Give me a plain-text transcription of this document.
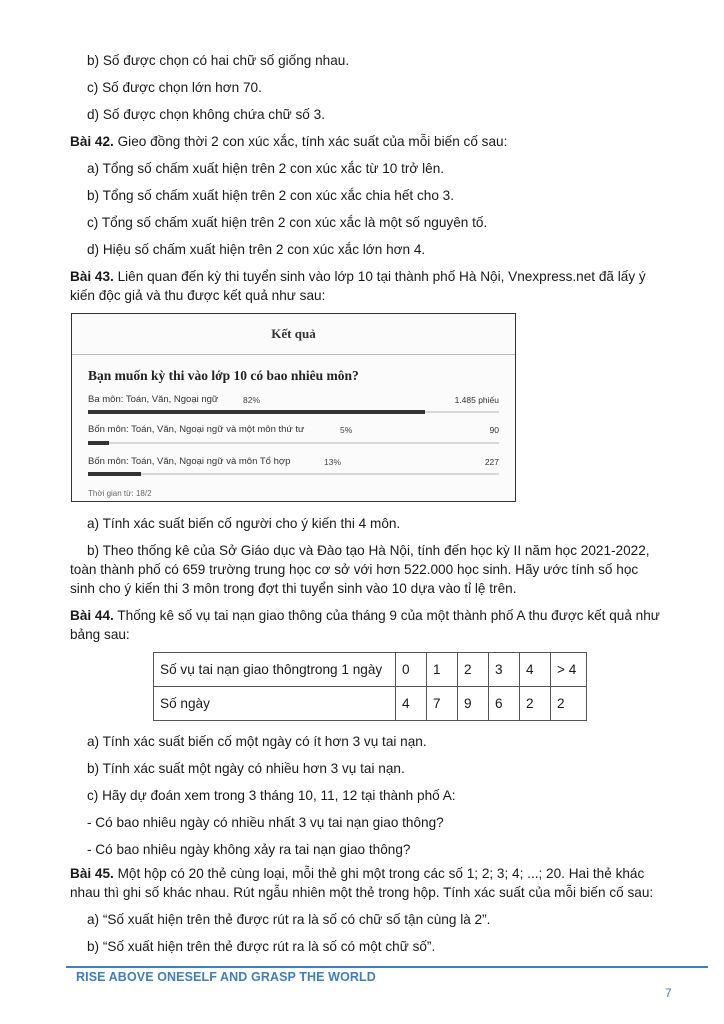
b) Số được chọn có hai chữ số giống nhau.
c) Số được chọn lớn hơn 70.
d) Số được chọn không chứa chữ số 3.
Bài 42. Gieo đồng thời 2 con xúc xắc, tính xác suất của mỗi biến cố sau:
a) Tổng số chấm xuất hiện trên 2 con xúc xắc từ 10 trở lên.
b) Tổng số chấm xuất hiện trên 2 con xúc xắc chia hết cho 3.
c) Tổng số chấm xuất hiện trên 2 con xúc xắc là một số nguyên tố.
d) Hiệu số chấm xuất hiện trên 2 con xúc xắc lớn hơn 4.
Bài 43. Liên quan đến kỳ thi tuyển sinh vào lớp 10 tại thành phố Hà Nội, Vnexpress.net đã lấy ý
kiến độc giả và thu được kết quả như sau:
Kết quả
Bạn muốn kỳ thi vào lớp 10 có bao nhiêu môn?
Ba môn: Toán, Văn, Ngoại ngữ	82%	1.485 phiếu
Bốn môn: Toán, Văn, Ngoại ngữ và một môn thứ tư	5%	90
Bốn môn: Toán, Văn, Ngoại ngữ và môn Tổ hợp	13%	227
Thời gian từ: 18/2
a) Tính xác suất biến cố người cho ý kiến thi 4 môn.
b) Theo thống kê của Sở Giáo dục và Đào tạo Hà Nội, tính đến học kỳ II năm học 2021-2022,
toàn thành phố có 659 trường trung học cơ sở với hơn 522.000 học sinh. Hãy ước tính số học
sinh cho ý kiến thi 3 môn trong đợt thi tuyển sinh vào 10 dựa vào tỉ lệ trên.
Bài 44. Thống kê số vụ tai nạn giao thông của tháng 9 của một thành phố A thu được kết quả như
bảng sau:
Số vụ tai nạn giao thôngtrong 1 ngày	0	1	2	3	4	> 4
Số ngày	4	7	9	6	2	2
a) Tính xác suất biến cố một ngày có ít hơn 3 vụ tai nạn.
b) Tính xác suất một ngày có nhiều hơn 3 vụ tai nạn.
c) Hãy dự đoán xem trong 3 tháng 10, 11, 12 tại thành phố A:
- Có bao nhiêu ngày có nhiều nhất 3 vụ tai nạn giao thông?
- Có bao nhiêu ngày không xảy ra tai nạn giao thông?
Bài 45. Một hộp có 20 thẻ cùng loại, mỗi thẻ ghi một trong các số 1; 2; 3; 4; ...; 20. Hai thẻ khác
nhau thì ghi số khác nhau. Rút ngẫu nhiên một thẻ trong hộp. Tính xác suất của mỗi biến cố sau:
a) “Số xuất hiện trên thẻ được rút ra là số có chữ số tận cùng là 2”.
b) “Số xuất hiện trên thẻ được rút ra là số có một chữ số”.
RISE ABOVE ONESELF AND GRASP THE WORLD
7
